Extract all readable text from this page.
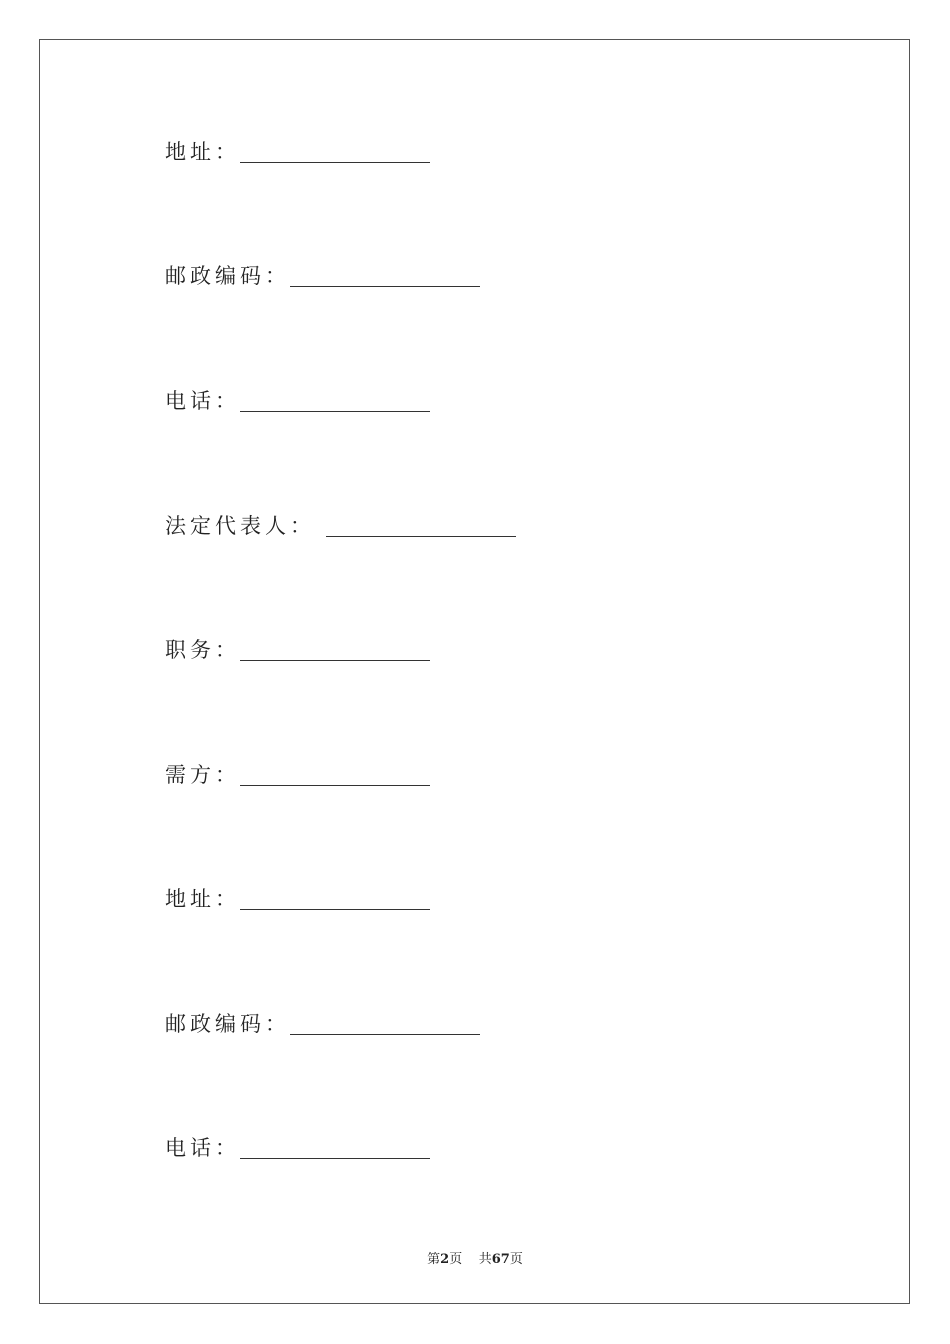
地址：
邮政编码：
电话：
法定代表人：
职务：
需方：
地址：
邮政编码：
电话：
第2页 共67页
